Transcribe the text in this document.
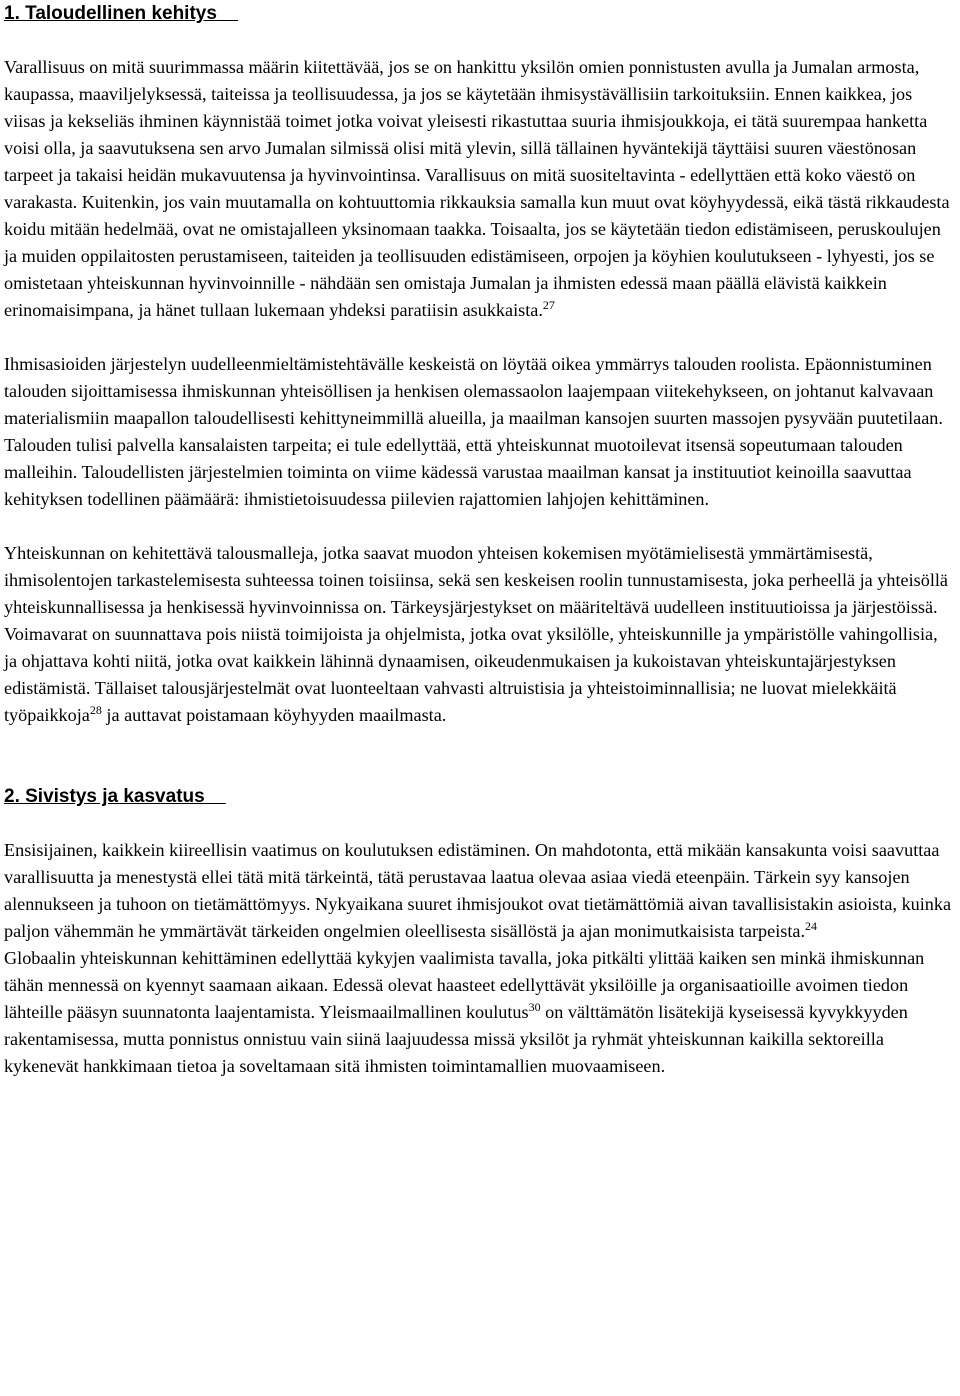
1. Taloudellinen kehitys

Varallisuus on mitä suurimmassa määrin kiitettävää, jos se on hankittu yksilön omien ponnistusten avulla ja Jumalan armosta, kaupassa, maaviljelyksessä, taiteissa ja teollisuudessa, ja jos se käytetään ihmisystävällisiin tarkoituksiin. Ennen kaikkea, jos viisas ja kekseliäs ihminen käynnistää toimet jotka voivat yleisesti rikastuttaa suuria ihmisjoukkoja, ei tätä suurempaa hanketta voisi olla, ja saavutuksena sen arvo Jumalan silmissä olisi mitä ylevin, sillä tällainen hyväntekijä täyttäisi suuren väestönosan tarpeet ja takaisi heidän mukavuutensa ja hyvinvointinsa. Varallisuus on mitä suositeltavinta - edellyttäen että koko väestö on varakasta. Kuitenkin, jos vain muutamalla on kohtuuttomia rikkauksia samalla kun muut ovat köyhyydessä, eikä tästä rikkaudesta koidu mitään hedelmää, ovat ne omistajalleen yksinomaan taakka. Toisaalta, jos se käytetään tiedon edistämiseen, peruskoulujen ja muiden oppilaitosten perustamiseen, taiteiden ja teollisuuden edistämiseen, orpojen ja köyhien koulutukseen - lyhyesti, jos se omistetaan yhteiskunnan hyvinvoinnille - nähdään sen omistaja Jumalan ja ihmisten edessä maan päällä elävistä kaikkein erinomaisimpana, ja hänet tullaan lukemaan yhdeksi paratiisin asukkaista.$^{27}$

Ihmisasioiden järjestelyn uudelleenmieltämistehtävälle keskeistä on löytää oikea ymmärrys talouden roolista. Epäonnistuminen talouden sijoittamisessa ihmiskunnan yhteisöllisen ja henkisen olemassaolon laajempaan viitekehykseen, on johtanut kalvavaan materialismiin maapallon taloudellisesti kehittyneimmillä alueilla, ja maailman kansojen suurten massojen pysyvään puutetilaan. Talouden tulisi palvella kansalaisten tarpeita; ei tule edellyttää, että yhteiskunnat muotoilevat itsensä sopeutumaan talouden malleihin. Taloudellisten järjestelmien toiminta on viime kädessä varustaa maailman kansat ja instituutiot keinoilla saavuttaa kehityksen todellinen päämäärä: ihmistietoisuudessa piilevien rajattomien lahjojen kehittäminen.

Yhteiskunnan on kehitettävä talousmalleja, jotka saavat muodon yhteisen kokemisen myötämielisestä ymmärtämisestä, ihmisolentojen tarkastelemisesta suhteessa toinen toisiinsa, sekä sen keskeisen roolin tunnustamisesta, joka perheellä ja yhteisöllä yhteiskunnallisessa ja henkisessä hyvinvoinnissa on. Tärkeysjärjestykset on määriteltävä uudelleen instituutioissa ja järjestöissä. Voimavarat on suunnattava pois niistä toimijoista ja ohjelmista, jotka ovat yksilölle, yhteiskunnille ja ympäristölle vahingollisia, ja ohjattava kohti niitä, jotka ovat kaikkein lähinnä dynaamisen, oikeudenmukaisen ja kukoistavan yhteiskuntajärjestyksen edistämistä. Tällaiset talousjärjestelmät ovat luonteeltaan vahvasti altruistisia ja yhteistoiminnallisia; ne luovat mielekkäitä työpaikkoja$^{28}$ ja auttavat poistamaan köyhyyden maailmasta.

2. Sivistys ja kasvatus

Ensisijainen, kaikkein kiireellisin vaatimus on koulutuksen edistäminen. On mahdotonta, että mikään kansakunta voisi saavuttaa varallisuutta ja menestystä ellei tätä mitä tärkeintä, tätä perustavaa laatua olevaa asiaa viedä eteenpäin. Tärkein syy kansojen alennukseen ja tuhoon on tietämättömyys. Nykyaikana suuret ihmisjoukot ovat tietämättömiä aivan tavallisistakin asioista, kuinka paljon vähemmän he ymmärtävät tärkeiden ongelmien oleellisesta sisällöstä ja ajan monimutkaisista tarpeista.$^{24}$

Globaalin yhteiskunnan kehittäminen edellyttää kykyjen vaalimista tavalla, joka pitkälti ylittää kaiken sen minkä ihmiskunnan tähän mennessä on kyennyt saamaan aikaan. Edessä olevat haasteet edellyttävät yksilöille ja organisaatioille avoimen tiedon lähteille pääsyn suunnatonta laajentamista. Yleismaailmallinen koulutus$^{30}$ on välttämätön lisätekijä kyseisessä kyvykkyyden rakentamisessa, mutta ponnistus onnistuu vain siinä laajuudessa missä yksilöt ja ryhmät yhteiskunnan kaikilla sektoreilla kykenevät hankkimaan tietoa ja soveltamaan sitä ihmisten toimintamallien muovaamiseen.
